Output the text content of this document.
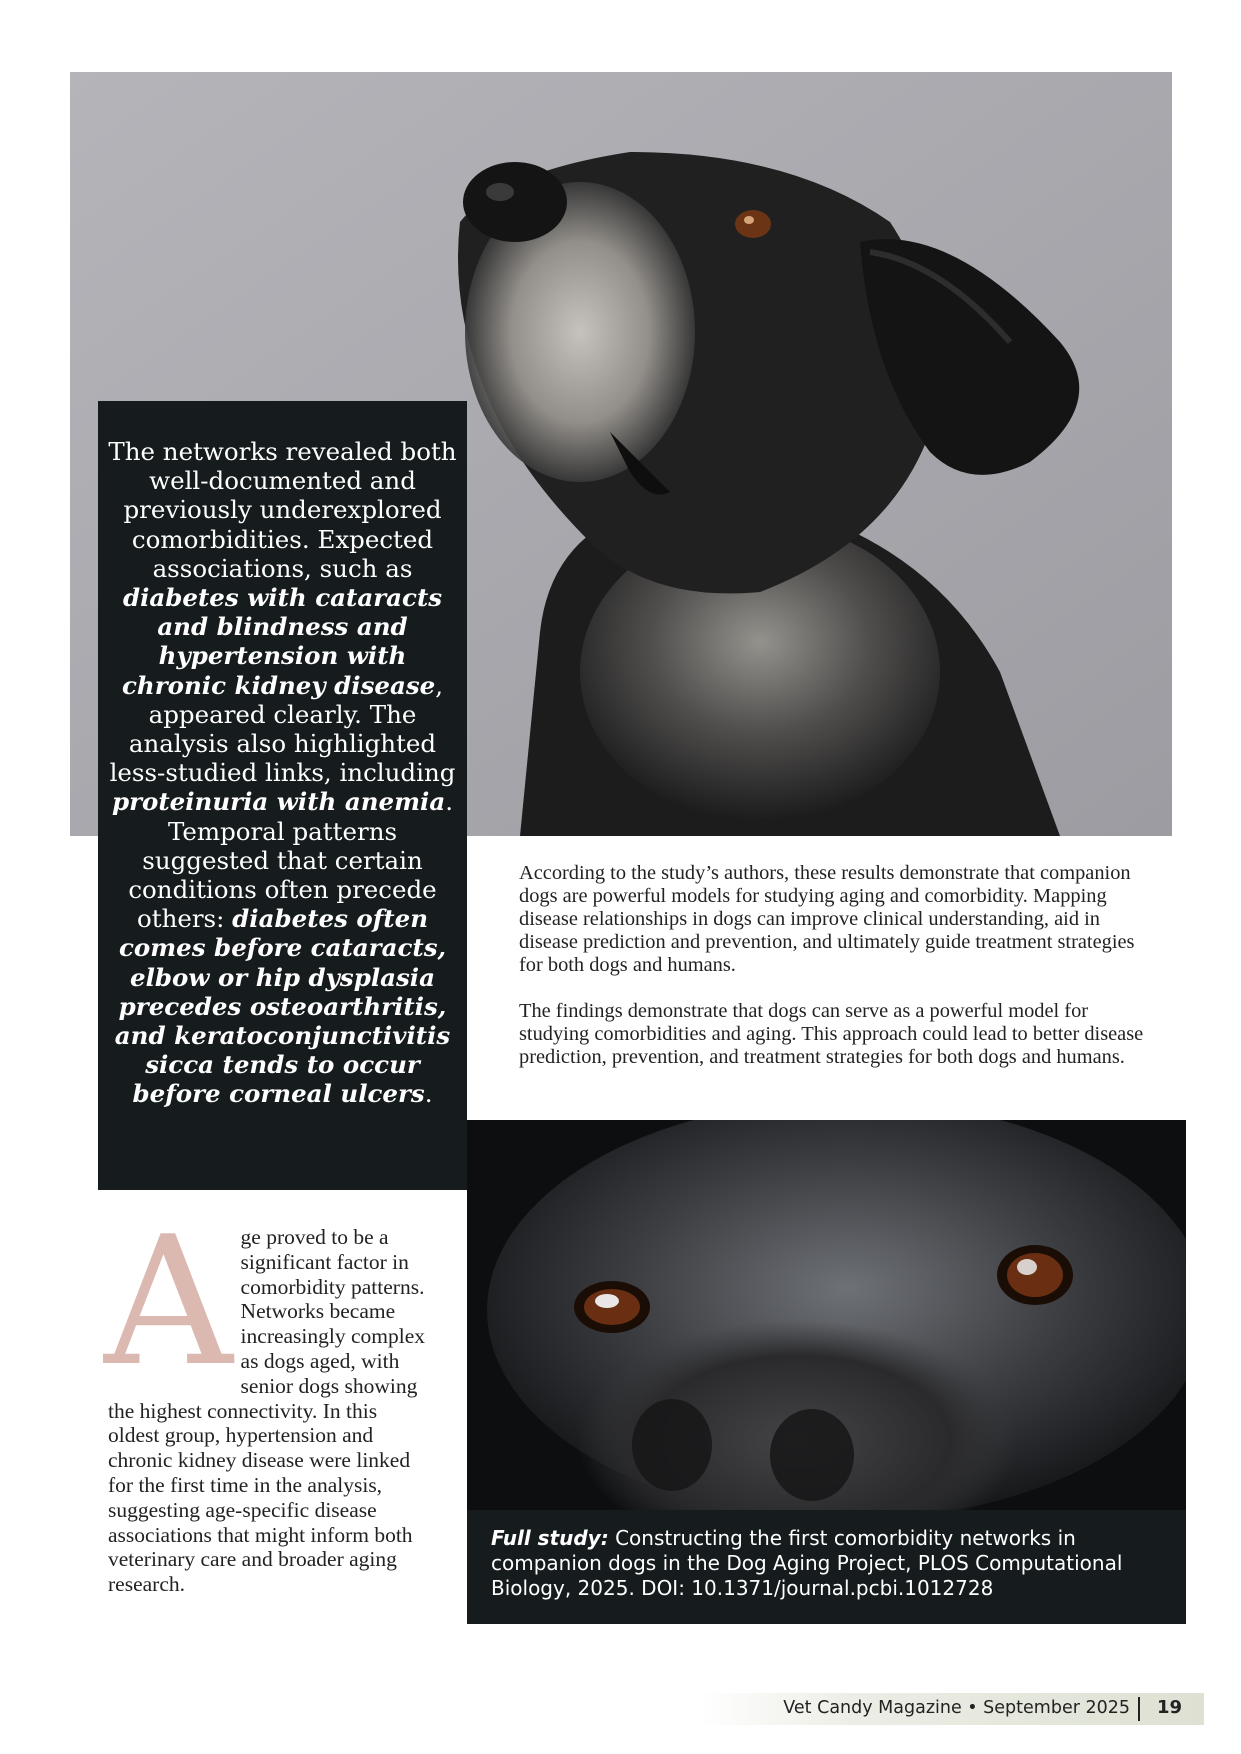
The networks revealed both well-documented and previously underexplored comorbidities. Expected associations, such as diabetes with cataracts and blindness and hypertension with chronic kidney disease, appeared clearly. The analysis also highlighted less-studied links, including proteinuria with anemia. Temporal patterns suggested that certain conditions often precede others: diabetes often comes before cataracts, elbow or hip dysplasia precedes osteoarthritis, and keratoconjunctivitis sicca tends to occur before corneal ulcers.

According to the study’s authors, these results demonstrate that companion dogs are powerful models for studying aging and comorbidity. Mapping disease relationships in dogs can improve clinical understanding, aid in disease prediction and prevention, and ultimately guide treatment strategies for both dogs and humans.

The findings demonstrate that dogs can serve as a powerful model for studying comorbidities and aging. This approach could lead to better disease prediction, prevention, and treatment strategies for both dogs and humans.

Full study: Constructing the first comorbidity networks in companion dogs in the Dog Aging Project, PLOS Computational Biology, 2025. DOI: 10.1371/journal.pcbi.1012728
A ge proved to be a significant factor in comorbidity patterns. Networks became increasingly complex as dogs aged, with senior dogs showing the highest connectivity. In this oldest group, hypertension and chronic kidney disease were linked for the first time in the analysis, suggesting age-specific disease associations that might inform both veterinary care and broader aging research.

Vet Candy Magazine • September 2025 19
